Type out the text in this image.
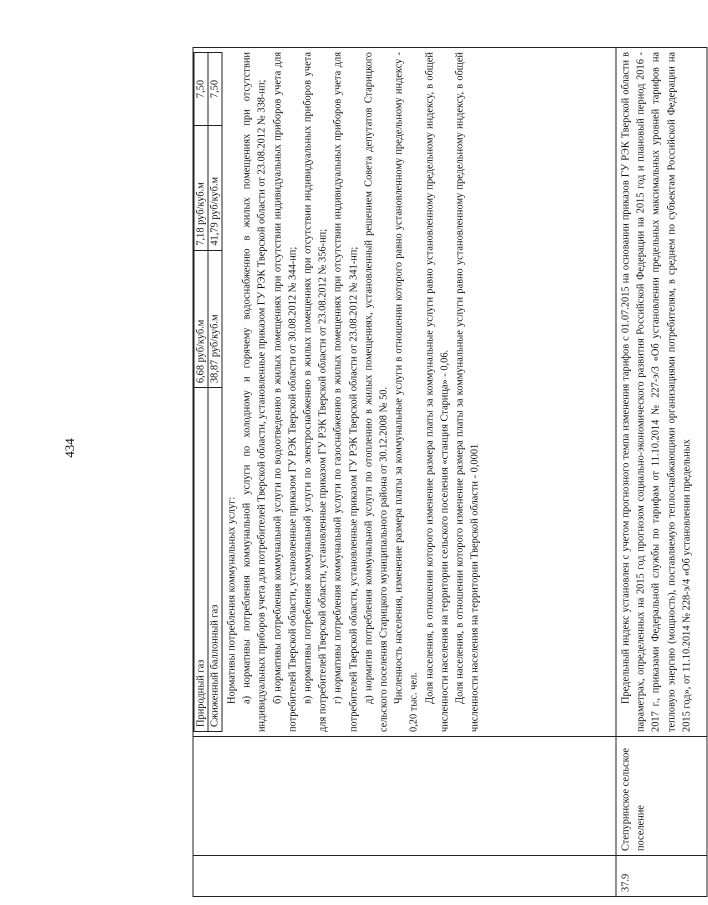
434

Природный газ	6,68 руб/куб.м	7,18 руб/куб.м	7,50
Сжиженный баллонный газ	38,87 руб/куб.м	41,79 руб/куб.м	7,50

Нормативы потребления коммунальных услуг: а) нормативы потребления коммунальной услуги по холодному и горячему водоснабжению в жилых помещениях при отсутствии индивидуальных приборов учета для потребителей Тверской области, установленные приказом ГУ РЭК Тверской области от 23.08.2012 № 338-нп; б) нормативы потребления коммунальной услуги по водоотведению в жилых помещениях при отсутствии индивидуальных приборов учета для потребителей Тверской области, установленные приказом ГУ РЭК Тверской области от 30.08.2012 № 344-нп; в) нормативы потребления коммунальной услуги по электроснабжению в жилых помещениях при отсутствии индивидуальных приборов учета для потребителей Тверской области, установленные приказом ГУ РЭК Тверской области от 23.08.2012 № 356-нп; г) нормативы потребления коммунальной услуги по газоснабжению в жилых помещениях при отсутствии индивидуальных приборов учета для потребителей Тверской области, установленные приказом ГУ РЭК Тверской области от 23.08.2012 № 341-нп; д) норматив потребления коммунальной услуги по отоплению в жилых помещениях, установленный решением Совета депутатов Старицкого сельского поселения Старицкого муниципального района от 30.12.2008 № 50. Численность населения, изменение размера платы за коммунальные услуги в отношении которого равно установленному предельному индексу - 0,20 тыс. чел. Доля населения, в отношении которого изменение размера платы за коммунальные услуги равно установленному предельному индексу, в общей численности населения на территории сельского поселения «станция Старица» - 0,06. Доля населения, в отношении которого изменение размера платы за коммунальные услуги равно установленному предельному индексу, в общей численности населения на территории Тверской области - 0,0001

37.9	Степуринское сельское поселение	

Предельный индекс установлен с учетом прогнозного темпа изменения тарифов с 01.07.2015 на основании приказов ГУ РЭК Тверской области в параметрах, определенных на 2015 год прогнозом социально-экономического развития Российской Федерации на 2015 год и плановый период 2016 - 2017 г., приказами Федеральной службы по тарифам от 11.10.2014 № 227-э/3 «Об установлении предельных максимальных уровней тарифов на тепловую энергию (мощность), поставляемую теплоснабжающими организациями потребителям, в среднем по субъектам Российской Федерации на 2015 год», от 11.10.2014 № 228-э/4 «Об установлении предельных
